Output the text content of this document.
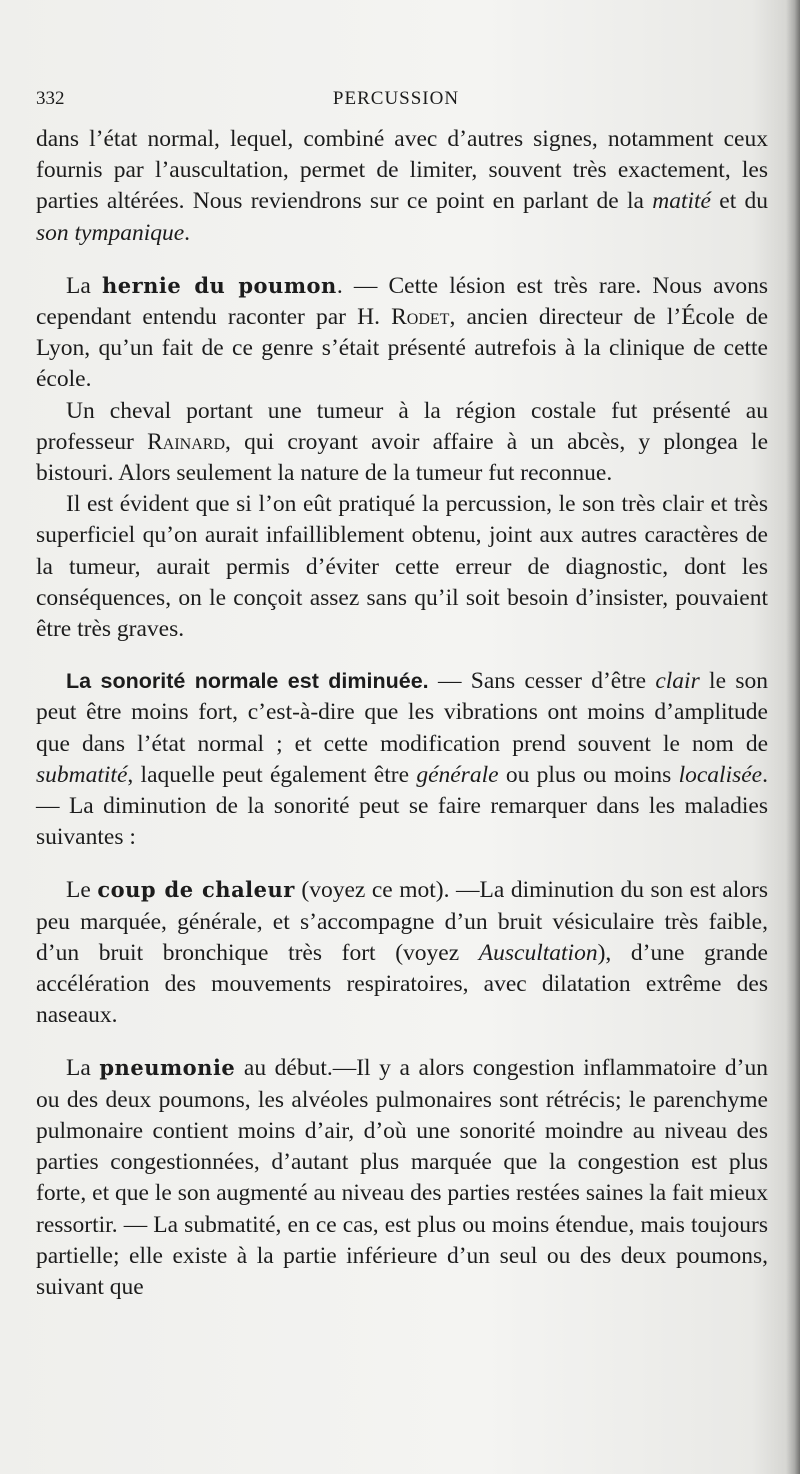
332	PERCUSSION

dans l’état normal, lequel, combiné avec d’autres signes, notamment ceux fournis par l’auscultation, permet de limiter, souvent très exactement, les parties altérées. Nous reviendrons sur ce point en parlant de la matité et du son tympanique.

La hernie du poumon. — Cette lésion est très rare. Nous avons cependant entendu raconter par H. Rodet, ancien directeur de l’École de Lyon, qu’un fait de ce genre s’était présenté autrefois à la clinique de cette école.

Un cheval portant une tumeur à la région costale fut présenté au professeur Rainard, qui croyant avoir affaire à un abcès, y plongea le bistouri. Alors seulement la nature de la tumeur fut reconnue.

Il est évident que si l’on eût pratiqué la percussion, le son très clair et très superficiel qu’on aurait infailliblement obtenu, joint aux autres caractères de la tumeur, aurait permis d’éviter cette erreur de diagnostic, dont les conséquences, on le conçoit assez sans qu’il soit besoin d’insister, pouvaient être très graves.

La sonorité normale est diminuée. — Sans cesser d’être clair le son peut être moins fort, c’est-à-dire que les vibrations ont moins d’amplitude que dans l’état normal ; et cette modification prend souvent le nom de submatité, laquelle peut également être générale ou plus ou moins localisée. — La diminution de la sonorité peut se faire remarquer dans les maladies suivantes :

Le coup de chaleur (voyez ce mot). —La diminution du son est alors peu marquée, générale, et s’accompagne d’un bruit vésiculaire très faible, d’un bruit bronchique très fort (voyez Auscultation), d’une grande accélération des mouvements respiratoires, avec dilatation extrême des naseaux.

La pneumonie au début.—Il y a alors congestion inflammatoire d’un ou des deux poumons, les alvéoles pulmonaires sont rétrécis; le parenchyme pulmonaire contient moins d’air, d’où une sonorité moindre au niveau des parties congestionnées, d’autant plus marquée que la congestion est plus forte, et que le son augmenté au niveau des parties restées saines la fait mieux ressortir. — La submatité, en ce cas, est plus ou moins étendue, mais toujours partielle; elle existe à la partie inférieure d’un seul ou des deux poumons, suivant que
